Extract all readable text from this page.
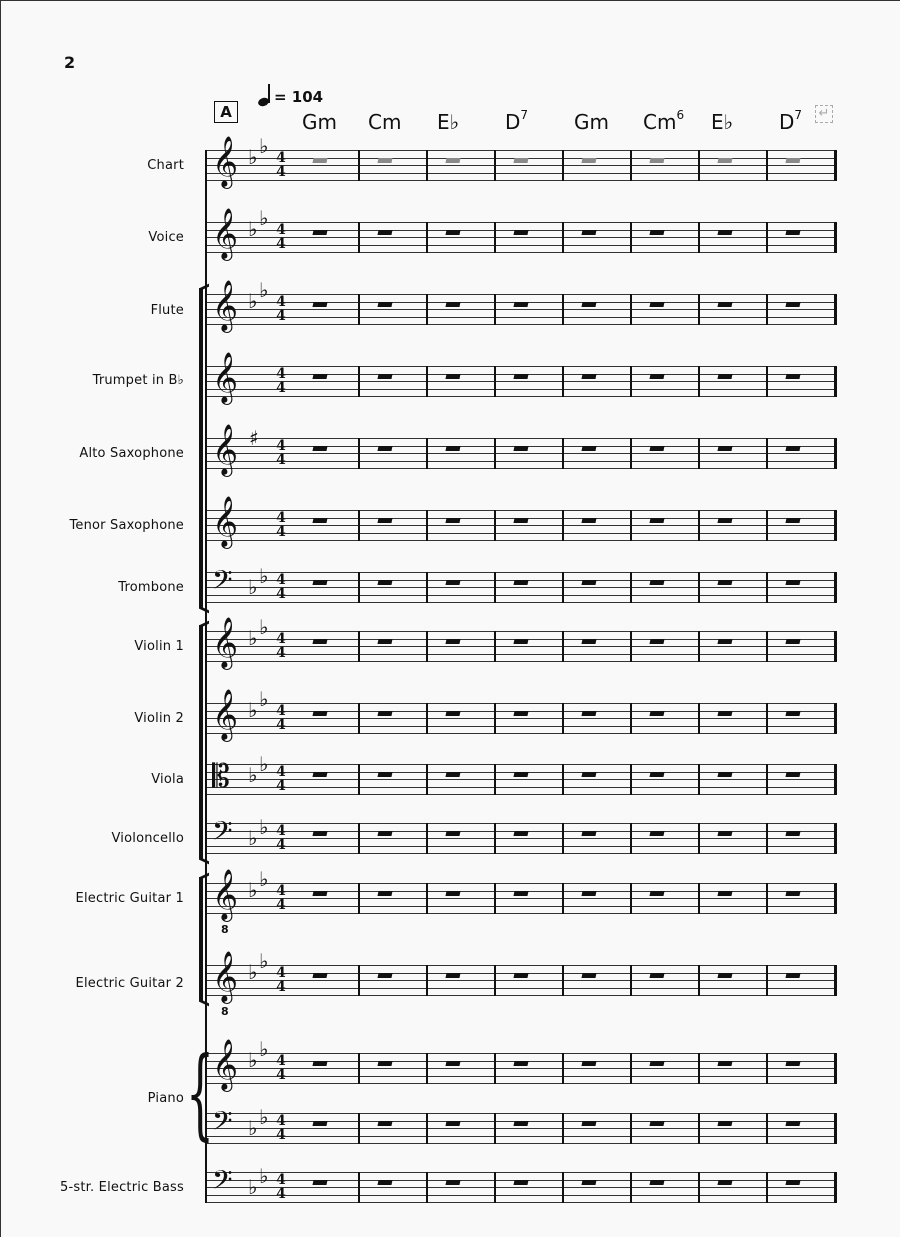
2
= 104
A	Gm Cm E♭ $D^7$ Gm Cm$^6$ E♭ $D^7$ ↵
𝄞 ♭ ♭ 4
4
Chart
𝄞 ♭ ♭ 4
4
Voice
𝄞 ♭ ♭ 4
4
Flute
𝄞	4
4
Trumpet in B♭
𝄞 ♯ 4
4
Alto Saxophone
𝄞	4
4
Tenor Saxophone
𝄢 ♭ ♭ 4
4
Trombone
𝄞 ♭ ♭ 4
4
Violin 1
𝄞 ♭ ♭ 4
4
Violin 2
𝄡 ♭ ♭ 4
4
Viola
𝄢 ♭ ♭ 4
4
Violoncello
𝄞
8
♭ ♭ 4
4
Electric Guitar 1
𝄞
8
♭ ♭ 4
4
Electric Guitar 2
𝄞 ♭ ♭ 4
4
Piano
𝄢 ♭ ♭ 4
4
𝄢 ♭ ♭ 4
4
5-str. Electric Bass
{
